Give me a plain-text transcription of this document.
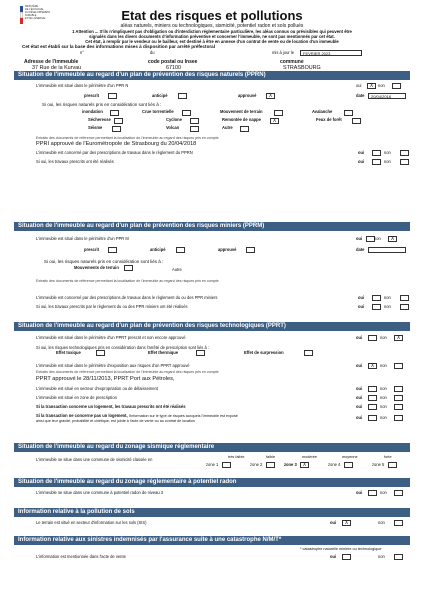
MINISTÈRE
DE L'ÉCOLOGIE,
DU DÉVELOPPEMENT
DURABLE
ET DE L'ÉNERGIE	Etat des risques et pollutions
aléas naturels, miniers ou technologiques, sismicité, potentiel radon et sols pollués
1 Attention ... S'ils n'impliquent pas d'obligation ou d'interdiction réglementaire particulière, les aléas connus ou prévisibles qui peuvent être
signalés dans les divers documents d'information préventive et concerner l'immeuble, ne sont pas mentionnés par cet état.
Cet état, à remplir par le vendeur ou le bailleur, est destiné à être en annexe d'un contrat de vente ou de location d'un immeuble
Cet état est établi sur la base des informations mises à disposition par arrêté préfectoral
n°	du	mis à jour le	FEVRIER 2023
Adresse de l'immeuble
37 Rue de la Kurvau
code postal ou Insee
67100
commune
STRASBOURG
Situation de l'immeuble au regard d'un plan de prévention des risques naturels (PPRN)
L'immeuble est situé dans le périmètre d'un PPR N	oui	X	non
prescrit	anticipé	approuvé	X	date	20/04/2018
Si oui, les risques naturels pris en considération sont liés à :
inondation	Crue torrentielle	Mouvement de terrain	Avalanche
Sécheresse	Cyclone	Remontée de nappe	X	Feux de forêt
Séisme	Volcan	Autre
Extraits des documents de référence permettant la localisation de l'immeuble au regard des risques pris en compte
PPRI approuvé de l'Eurométropole de Strasbourg du 20/04/2018
L'immeuble est concerné par des prescriptions de travaux dans le règlement du PPRN	oui	non
Si oui, les travaux prescrits ont été réalisés	oui	non
Situation de l'immeuble au regard d'un plan de prévention des risques miniers (PPRM)
L'immeuble est situé dans le périmètre d'un PPR M	oui	non	X
prescrit	anticipé	approuvé	date
Si oui, les risques naturels pris en considération sont liés à :
Mouvements de terrain	Autre
Extraits des documents de référence permettant la localisation de l'immeuble au regard des risques pris en compte
L'immeuble est concerné par des prescriptions de travaux dans le règlement du ou des PPR miniers	oui	non
Si oui, les travaux prescrits par le règlement du ou des PPR miniers ont été réalisés	oui	non
Situation de l'immeuble au regard d'un plan de prévention des risques technologiques (PPRT)
L'immeuble est situé dans le périmètre d'un PPRT prescrit et non encore approuvé	oui	non	X
Si oui, les risques technologiques pris en considération dans l'arrêté de prescription sont liés à :
Effet toxique	Effet thermique	Effet de surpression
L'immeuble est situé dans le périmètre d'exposition aux risques d'un PPRT approuvé	oui	X	non
Extraits des documents de référence permettant la localisation de l'immeuble au regard des risques pris en compte
PPRT approuvé le 28/11/2013, PPRT Port aux Pétroles,
L'immeuble est situé en secteur d'expropriation ou de délaissement	oui	non
L'immeuble est situé en zone de prescription	oui	non
Si la transaction concerne un logement, les travaux prescrits ont été réalisés	oui	non
Si la transaction ne concerne pas un logement, l'information sur le type de risques auxquels l'immeuble est exposé
ainsi que leur gravité, probabilité et cinétique, est jointe à l'acte de vente ou au contrat de location
oui	non
Situation de l'immeuble au regard du zonage sismique réglementaire
L'immeuble se situe dans une commune de sismicité classée en	très faible	faible	modérée	moyenne	forte
zone 1	zone 2	zone 3	X	zone 4	zone 5
Situation de l'immeuble au regard du zonage réglementaire à potentiel radon
L'immeuble se situe dans une commune à potentiel radon de niveau 3	oui	non
Information relative à la pollution de sols
Le terrain est situé en secteur d'information sur les sols (SIS)	oui	X	non
Information relative aux sinistres indemnisés par l'assurance suite à une catastrophe N/M/T*
* catastrophe naturelle minière ou technologique
L'information est mentionnée dans l'acte de vente	oui	non
